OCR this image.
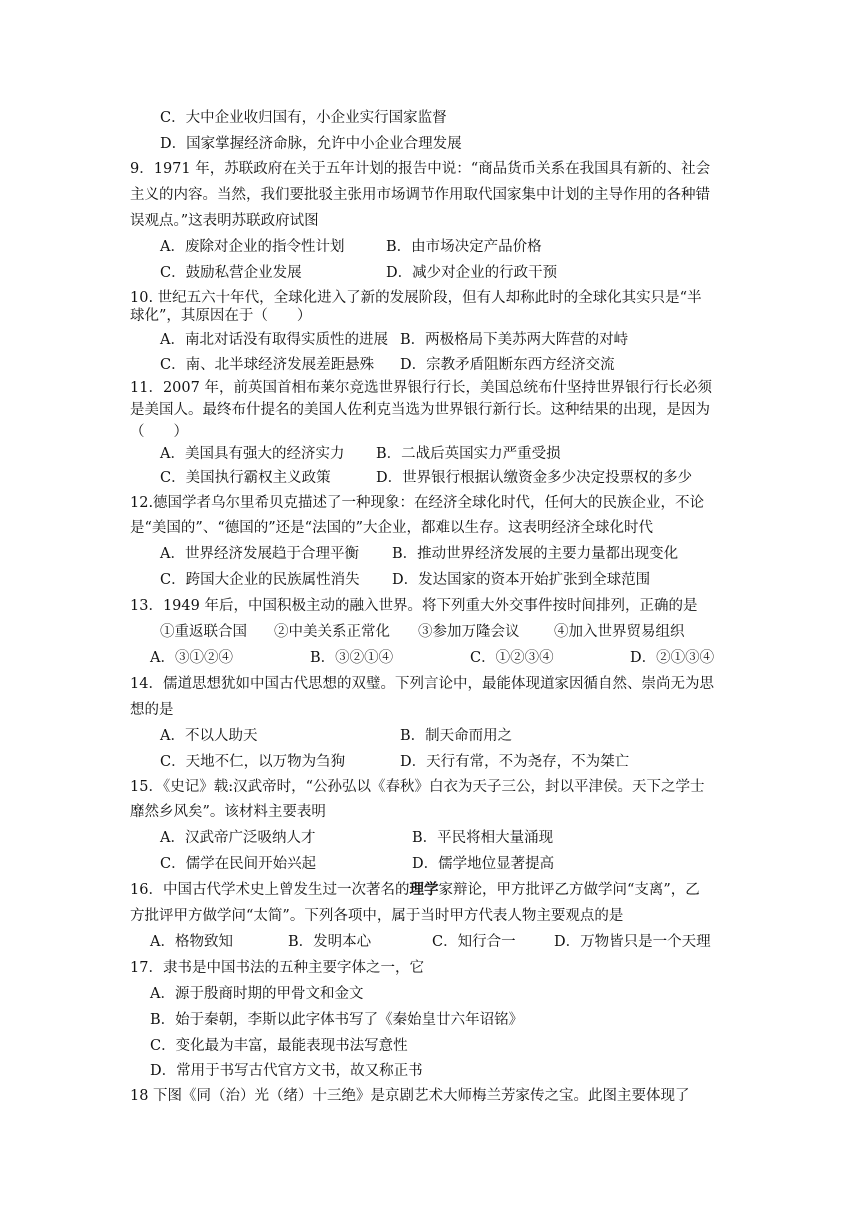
C．大中企业收归国有，小企业实行国家监督
D．国家掌握经济命脉，允许中小企业合理发展
9．1971 年，苏联政府在关于五年计划的报告中说：“商品货币关系在我国具有新的、社会
主义的内容。当然，我们要批驳主张用市场调节作用取代国家集中计划的主导作用的各种错
误观点。”这表明苏联政府试图
A．废除对企业的指令性计划	B．由市场决定产品价格
C．鼓励私营企业发展	D．减少对企业的行政干预
10. 世纪五六十年代，全球化进入了新的发展阶段，但有人却称此时的全球化其实只是“半
球化”，其原因在于（　　）
A．南北对话没有取得实质性的进展 B．两极格局下美苏两大阵营的对峙
C．南、北半球经济发展差距悬殊 D．宗教矛盾阻断东西方经济交流
11．2007 年，前英国首相布莱尔竞选世界银行行长，美国总统布什坚持世界银行行长必须
是美国人。最终布什提名的美国人佐利克当选为世界银行新行长。这种结果的出现，是因为
（　　）
A．美国具有强大的经济实力 B．二战后英国实力严重受损
C．美国执行霸权主义政策	D．世界银行根据认缴资金多少决定投票权的多少
12.德国学者乌尔里希贝克描述了一种现象：在经济全球化时代，任何大的民族企业，不论
是“美国的”、“德国的”还是“法国的”大企业，都难以生存。这表明经济全球化时代
A．世界经济发展趋于合理平衡 B．推动世界经济发展的主要力量都出现变化
C．跨国大企业的民族属性消失 D．发达国家的资本开始扩张到全球范围
13．1949 年后，中国积极主动的融入世界。将下列重大外交事件按时间排列，正确的是
①重返联合国 ②中美关系正常化 ③参加万隆会议 ④加入世界贸易组织
A．③①②④	B．③②①④	C．①②③④	D．②①③④
14．儒道思想犹如中国古代思想的双璧。下列言论中，最能体现道家因循自然、崇尚无为思
想的是
A．不以人助天	B．制天命而用之
C．天地不仁，以万物为刍狗	D．天行有常，不为尧存，不为桀亡
15．《史记》载:汉武帝时，“公孙弘以《春秋》白衣为天子三公，封以平津侯。天下之学士
靡然乡风矣”。该材料主要表明
A．汉武帝广泛吸纳人才	B．平民将相大量涌现
C．儒学在民间开始兴起	D．儒学地位显著提高
16．中国古代学术史上曾发生过一次著名的理学家辩论，甲方批评乙方做学问“支离”，乙
方批评甲方做学问“太简”。下列各项中，属于当时甲方代表人物主要观点的是
A．格物致知	B．发明本心	C．知行合一	D．万物皆只是一个天理
17．隶书是中国书法的五种主要字体之一，它
A．源于殷商时期的甲骨文和金文
B．始于秦朝，李斯以此字体书写了《秦始皇廿六年诏铭》
C．变化最为丰富，最能表现书法写意性
D．常用于书写古代官方文书，故又称正书
18 下图《同（治）光（绪）十三绝》是京剧艺术大师梅兰芳家传之宝。此图主要体现了
